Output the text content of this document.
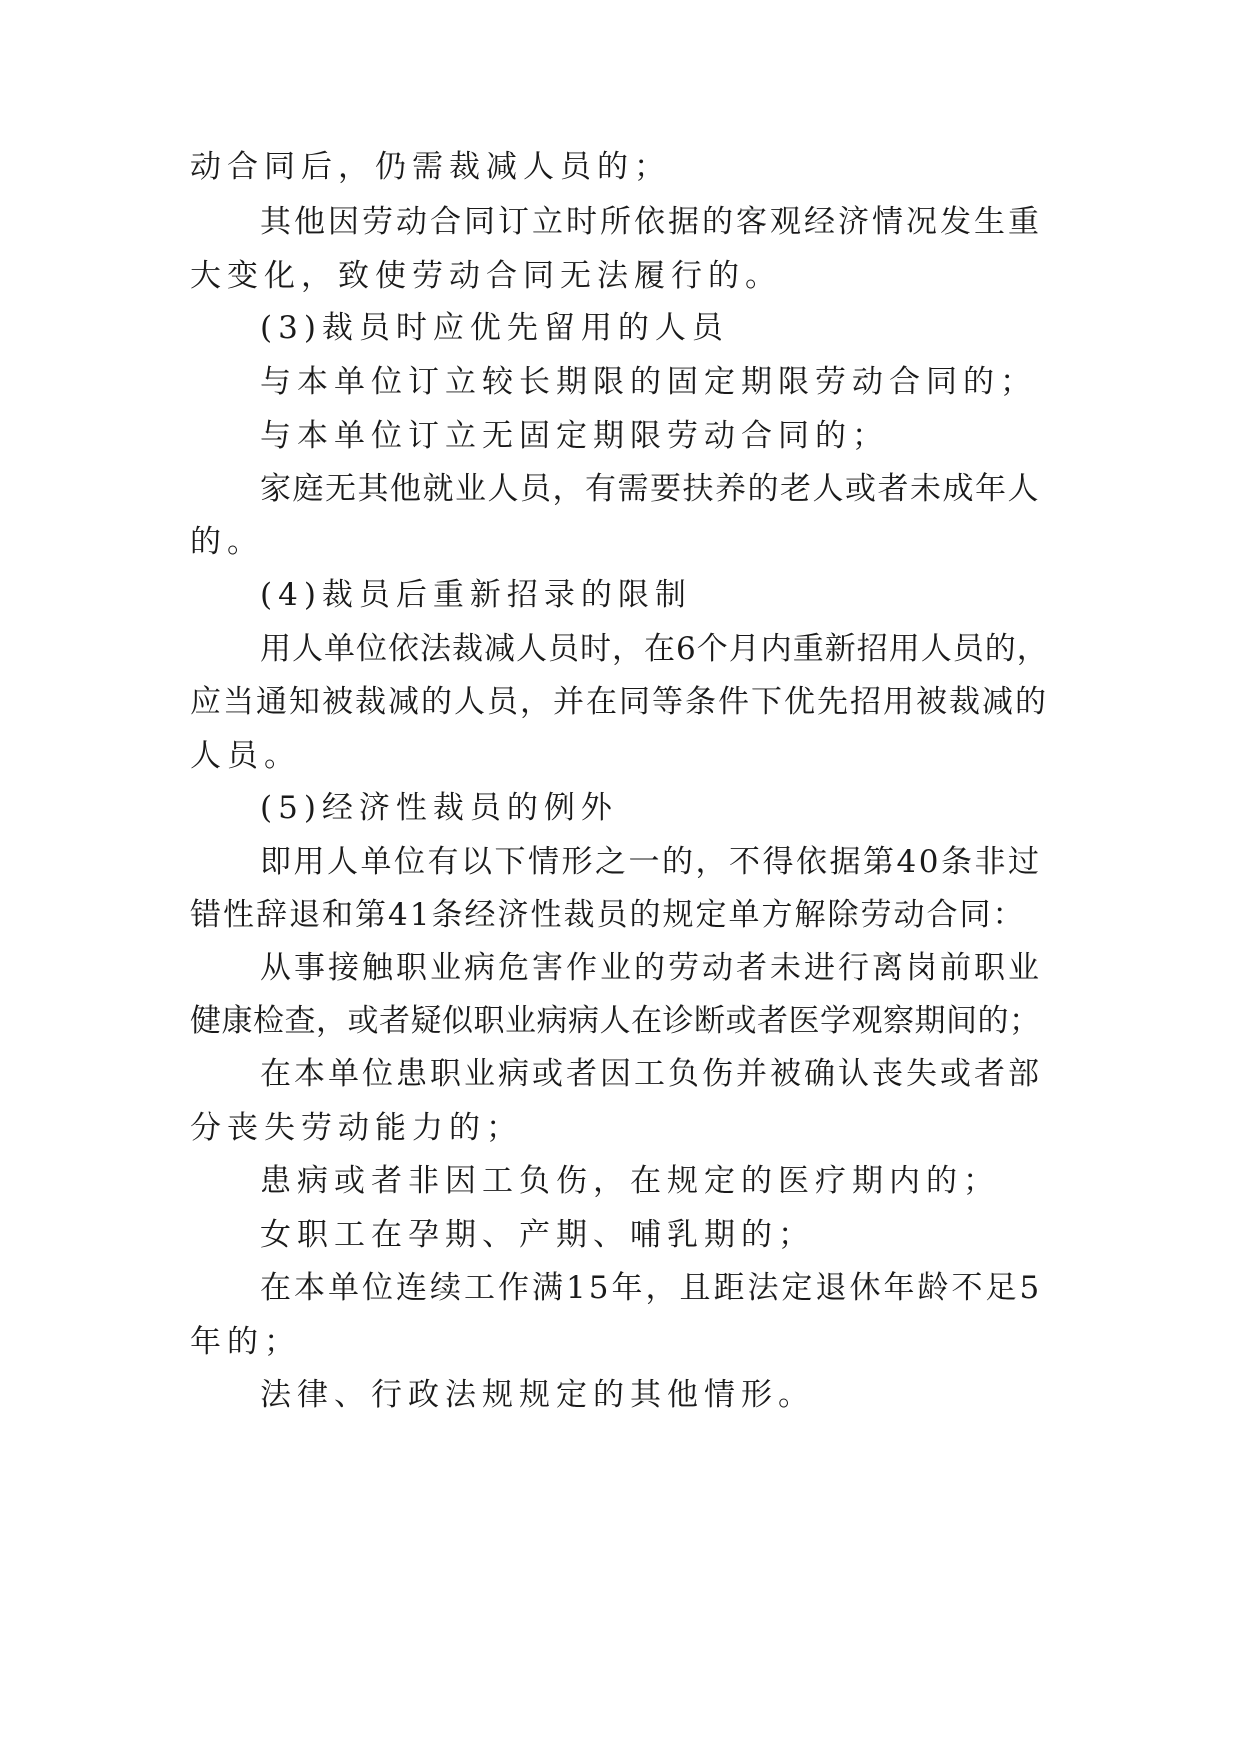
动合同后，仍需裁减人员的；
其他因劳动合同订立时所依据的客观经济情况发生重
大变化，致使劳动合同无法履行的。
(3)裁员时应优先留用的人员
与本单位订立较长期限的固定期限劳动合同的；
与本单位订立无固定期限劳动合同的；
家庭无其他就业人员，有需要扶养的老人或者未成年人
的。
(4)裁员后重新招录的限制
用人单位依法裁减人员时，在6个月内重新招用人员的，
应当通知被裁减的人员，并在同等条件下优先招用被裁减的
人员。
(5)经济性裁员的例外
即用人单位有以下情形之一的，不得依据第40条非过
错性辞退和第41条经济性裁员的规定单方解除劳动合同：
从事接触职业病危害作业的劳动者未进行离岗前职业
健康检查，或者疑似职业病病人在诊断或者医学观察期间的；
在本单位患职业病或者因工负伤并被确认丧失或者部
分丧失劳动能力的；
患病或者非因工负伤，在规定的医疗期内的；
女职工在孕期、产期、哺乳期的；
在本单位连续工作满15年，且距法定退休年龄不足5
年的；
法律、行政法规规定的其他情形。
